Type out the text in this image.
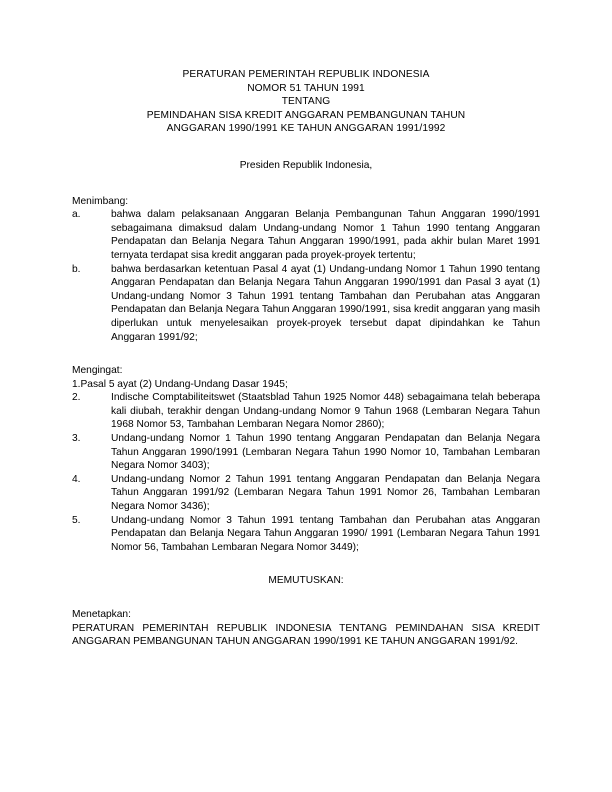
PERATURAN PEMERINTAH REPUBLIK INDONESIA
NOMOR 51 TAHUN 1991
TENTANG
PEMINDAHAN SISA KREDIT ANGGARAN PEMBANGUNAN TAHUN
ANGGARAN 1990/1991 KE TAHUN ANGGARAN 1991/1992
Presiden Republik Indonesia,
Menimbang:
a.	bahwa dalam pelaksanaan Anggaran Belanja Pembangunan Tahun Anggaran 1990/1991 sebagaimana dimaksud dalam Undang-undang Nomor 1 Tahun 1990 tentang Anggaran Pendapatan dan Belanja Negara Tahun Anggaran 1990/1991, pada akhir bulan Maret 1991 ternyata terdapat sisa kredit anggaran pada proyek-proyek tertentu;
b.	bahwa berdasarkan ketentuan Pasal 4 ayat (1) Undang-undang Nomor 1 Tahun 1990 tentang Anggaran Pendapatan dan Belanja Negara Tahun Anggaran 1990/1991 dan Pasal 3 ayat (1) Undang-undang Nomor 3 Tahun 1991 tentang Tambahan dan Perubahan atas Anggaran Pendapatan dan Belanja Negara Tahun Anggaran 1990/1991, sisa kredit anggaran yang masih diperlukan untuk menyelesaikan proyek-proyek tersebut dapat dipindahkan ke Tahun Anggaran 1991/92;
Mengingat:
1.Pasal 5 ayat (2) Undang-Undang Dasar 1945;
2.	Indische Comptabiliteitswet (Staatsblad Tahun 1925 Nomor 448) sebagaimana telah beberapa kali diubah, terakhir dengan Undang-undang Nomor 9 Tahun 1968 (Lembaran Negara Tahun 1968 Nomor 53, Tambahan Lembaran Negara Nomor 2860);
3.	Undang-undang Nomor 1 Tahun 1990 tentang Anggaran Pendapatan dan Belanja Negara Tahun Anggaran 1990/1991 (Lembaran Negara Tahun 1990 Nomor 10, Tambahan Lembaran Negara Nomor 3403);
4.	Undang-undang Nomor 2 Tahun 1991 tentang Anggaran Pendapatan dan Belanja Negara Tahun Anggaran 1991/92 (Lembaran Negara Tahun 1991 Nomor 26, Tambahan Lembaran Negara Nomor 3436);
5.	Undang-undang Nomor 3 Tahun 1991 tentang Tambahan dan Perubahan atas Anggaran Pendapatan dan Belanja Negara Tahun Anggaran 1990/ 1991 (Lembaran Negara Tahun 1991 Nomor 56, Tambahan Lembaran Negara Nomor 3449);
MEMUTUSKAN:
Menetapkan:
PERATURAN PEMERINTAH REPUBLIK INDONESIA TENTANG PEMINDAHAN SISA KREDIT ANGGARAN PEMBANGUNAN TAHUN ANGGARAN 1990/1991 KE TAHUN ANGGARAN 1991/92.
